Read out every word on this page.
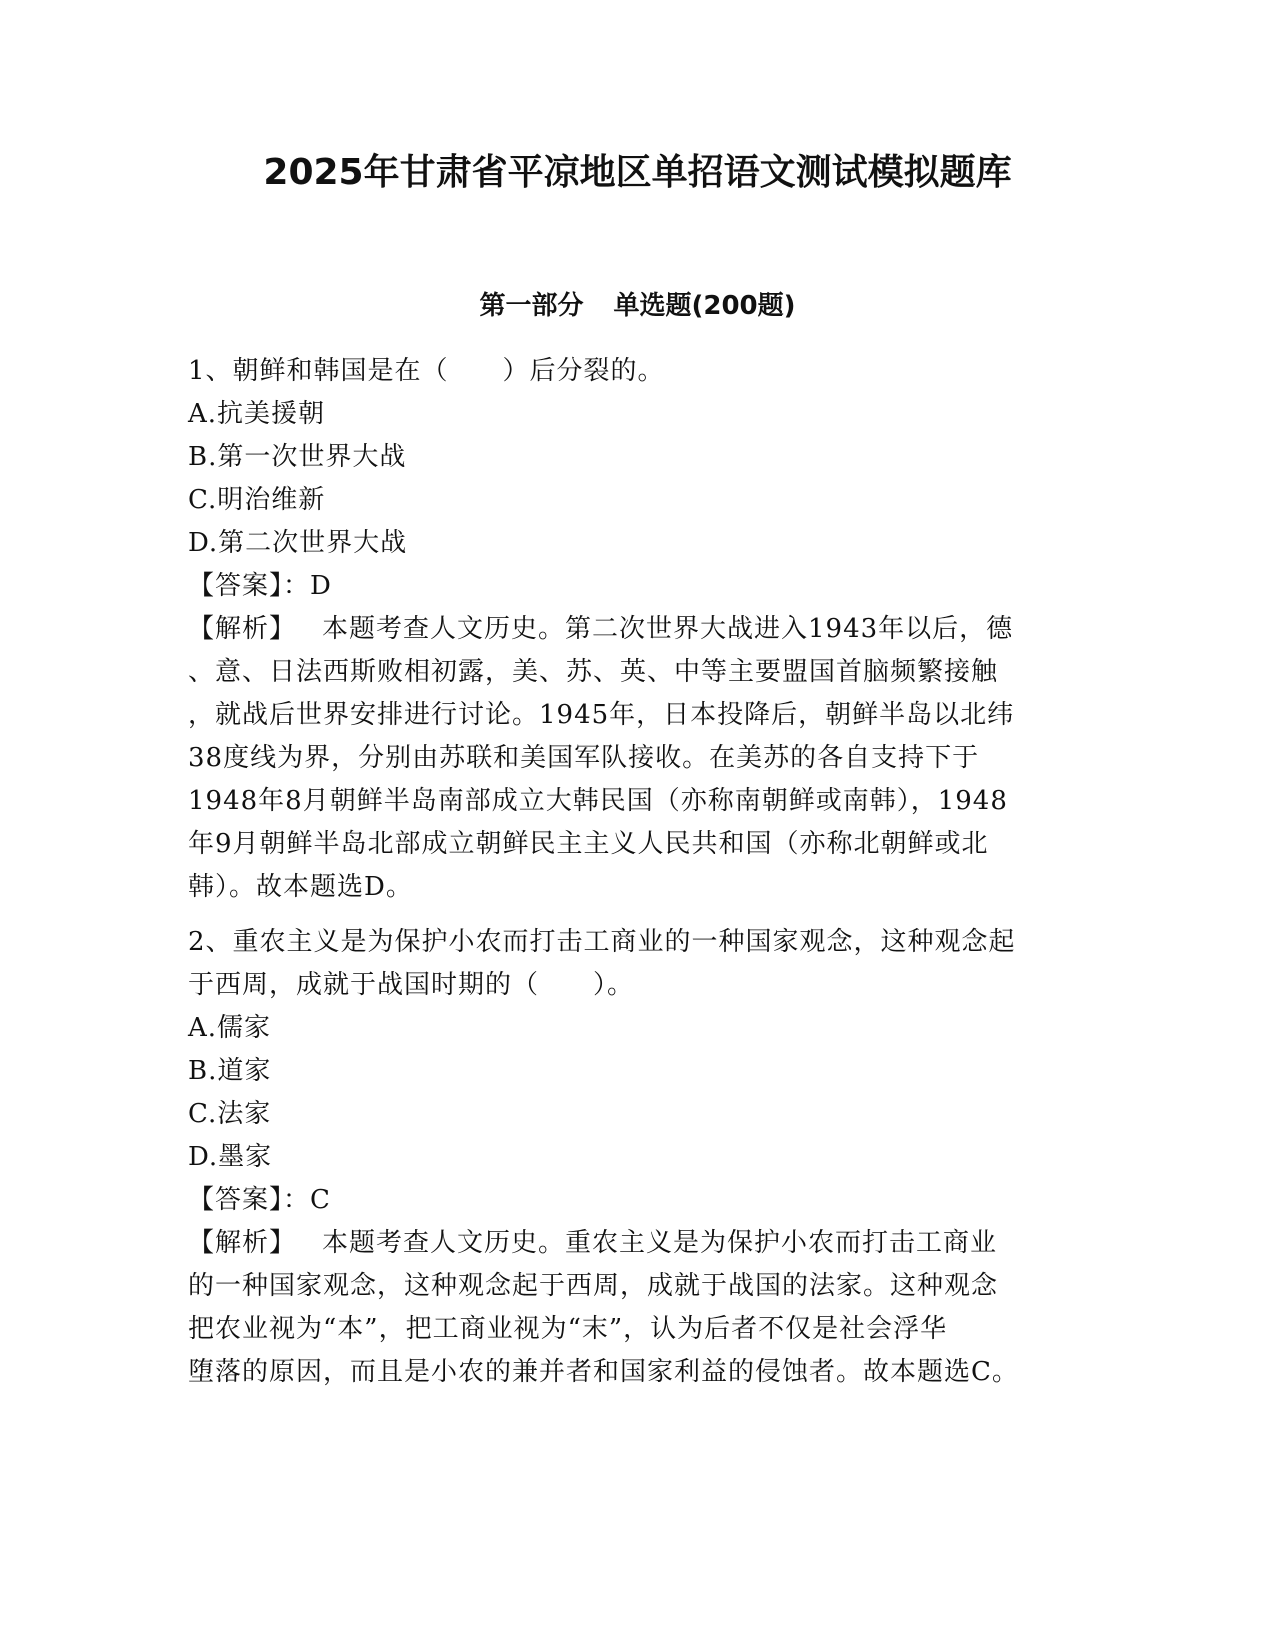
2025年甘肃省平凉地区单招语文测试模拟题库
第一部分 单选题(200题)
1、朝鲜和韩国是在（　　）后分裂的。
A.抗美援朝
B.第一次世界大战
C.明治维新
D.第二次世界大战
【答案】：D
【解析】 本题考查人文历史。第二次世界大战进入1943年以后，德
、意、日法西斯败相初露，美、苏、英、中等主要盟国首脑频繁接触
，就战后世界安排进行讨论。1945年，日本投降后，朝鲜半岛以北纬
38度线为界，分别由苏联和美国军队接收。在美苏的各自支持下于
1948年8月朝鲜半岛南部成立大韩民国（亦称南朝鲜或南韩），1948
年9月朝鲜半岛北部成立朝鲜民主主义人民共和国（亦称北朝鲜或北
韩）。故本题选D。
2、重农主义是为保护小农而打击工商业的一种国家观念，这种观念起
于西周，成就于战国时期的（　　）。
A.儒家
B.道家
C.法家
D.墨家
【答案】：C
【解析】 本题考查人文历史。重农主义是为保护小农而打击工商业
的一种国家观念，这种观念起于西周，成就于战国的法家。这种观念
把农业视为“本”，把工商业视为“末”，认为后者不仅是社会浮华
堕落的原因，而且是小农的兼并者和国家利益的侵蚀者。故本题选C。
